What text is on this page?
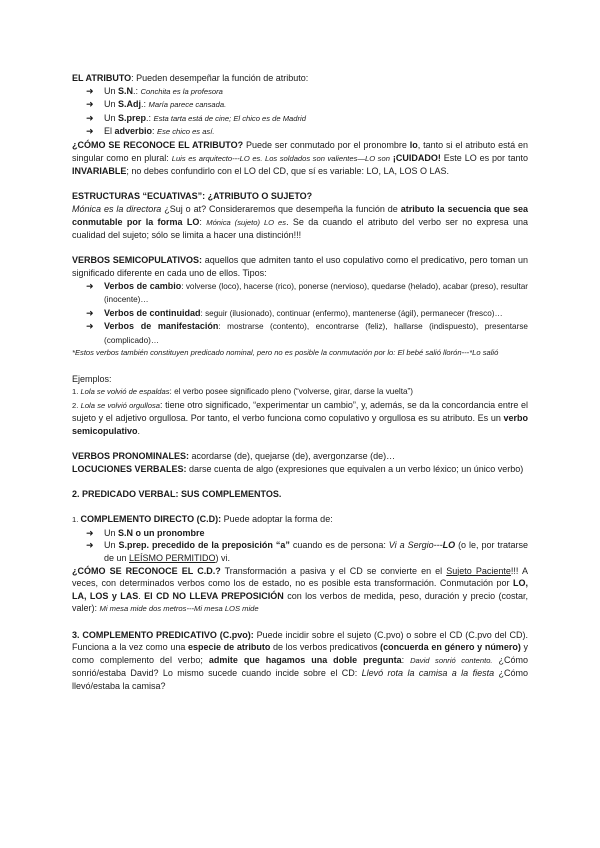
EL ATRIBUTO: Pueden desempeñar la función de atributo:

➜ Un S.N.: Conchita es la profesora
➜ Un S.Adj.: María parece cansada.
➜ Un S.prep.: Esta tarta está de cine; El chico es de Madrid
➜ El adverbio: Ese chico es así.

¿CÓMO SE RECONOCE EL ATRIBUTO? Puede ser conmutado por el pronombre lo, tanto si el atributo está en singular como en plural: Luis es arquitecto---LO es. Los soldados son valientes—LO son ¡CUIDADO! Este LO es por tanto INVARIABLE; no debes confundirlo con el LO del CD, que sí es variable: LO, LA, LOS O LAS.

ESTRUCTURAS “ECUATIVAS”: ¿ATRIBUTO O SUJETO?

Mónica es la directora ¿Suj o at? Consideraremos que desempeña la función de atributo la secuencia que sea conmutable por la forma LO: Mónica (sujeto) LO es. Se da cuando el atributo del verbo ser no expresa una cualidad del sujeto; sólo se limita a hacer una distinción!!!

VERBOS SEMICOPULATIVOS: aquellos que admiten tanto el uso copulativo como el predicativo, pero toman un significado diferente en cada uno de ellos. Tipos:

➜ Verbos de cambio: volverse (loco), hacerse (rico), ponerse (nervioso), quedarse (helado), acabar (preso), resultar (inocente)…
➜ Verbos de continuidad: seguir (ilusionado), continuar (enfermo), mantenerse (ágil), permanecer (fresco)…
➜ Verbos de manifestación: mostrarse (contento), encontrarse (feliz), hallarse (indispuesto), presentarse (complicado)…

*Estos verbos también constituyen predicado nominal, pero no es posible la conmutación por lo: El bebé salió llorón---*Lo salió

Ejemplos:

1. Lola se volvió de espaldas: el verbo posee significado pleno (“volverse, girar, darse la vuelta”)

2. Lola se volvió orgullosa: tiene otro significado, “experimentar un cambio”, y, además, se da la concordancia entre el sujeto y el adjetivo orgullosa. Por tanto, el verbo funciona como copulativo y orgullosa es su atributo. Es un verbo semicopulativo.

VERBOS PRONOMINALES: acordarse (de), quejarse (de), avergonzarse (de)…

LOCUCIONES VERBALES: darse cuenta de algo (expresiones que equivalen a un verbo léxico; un único verbo)

2. PREDICADO VERBAL: SUS COMPLEMENTOS.

1. COMPLEMENTO DIRECTO (C.D): Puede adoptar la forma de:

➜ Un S.N o un pronombre
➜ Un S.prep. precedido de la preposición “a” cuando es de persona: Vi a Sergio---LO (o le, por tratarse de un LEÍSMO PERMITIDO) vi.

¿CÓMO SE RECONOCE EL C.D.? Transformación a pasiva y el CD se convierte en el Sujeto Paciente!!! A veces, con determinados verbos como los de estado, no es posible esta transformación. Conmutación por LO, LA, LOS y LAS. El CD NO LLEVA PREPOSICIÓN con los verbos de medida, peso, duración y precio (costar, valer): Mi mesa mide dos metros---Mi mesa LOS mide

3. COMPLEMENTO PREDICATIVO (C.pvo): Puede incidir sobre el sujeto (C.pvo) o sobre el CD (C.pvo del CD). Funciona a la vez como una especie de atributo de los verbos predicativos (concuerda en género y número) y como complemento del verbo; admite que hagamos una doble pregunta: David sonrió contento. ¿Cómo sonrió/estaba David? Lo mismo sucede cuando incide sobre el CD: Llevó rota la camisa a la fiesta ¿Cómo llevó/estaba la camisa?
